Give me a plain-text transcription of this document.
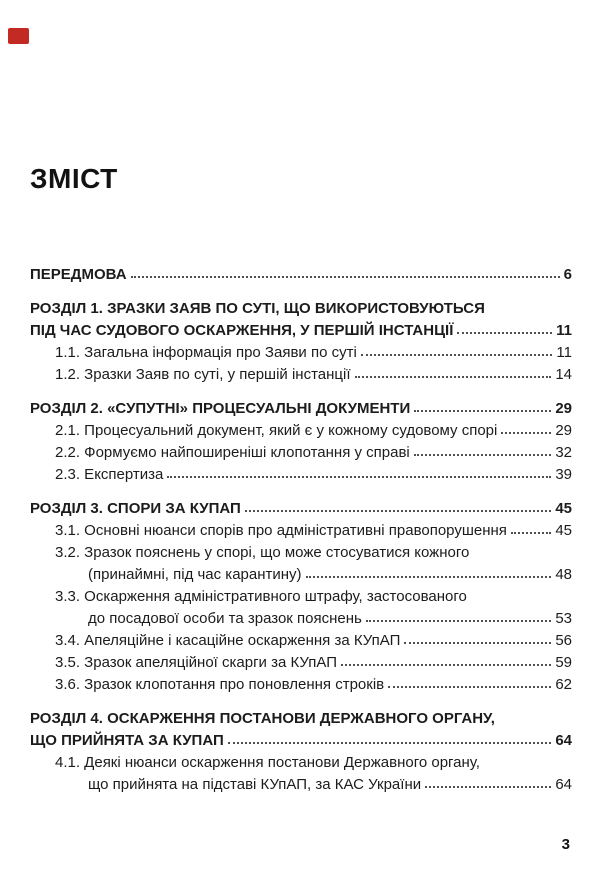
ЗМІСТ
ПЕРЕДМОВА	6
РОЗДІЛ 1. ЗРАЗКИ ЗАЯВ ПО СУТІ, ЩО ВИКОРИСТОВУЮТЬСЯ
ПІД ЧАС СУДОВОГО ОСКАРЖЕННЯ, У ПЕРШІЙ ІНСТАНЦІЇ	11
1.1. Загальна інформація про Заяви по суті	11
1.2. Зразки Заяв по суті, у першій інстанції	14
РОЗДІЛ 2. «СУПУТНІ» ПРОЦЕСУАЛЬНІ ДОКУМЕНТИ	29
2.1. Процесуальний документ, який є у кожному судовому спорі	29
2.2. Формуємо найпоширеніші клопотання у справі	32
2.3. Експертиза	39
РОЗДІЛ 3. СПОРИ ЗА КУПАП	45
3.1. Основні нюанси спорів про адміністративні правопорушення	45
3.2. Зразок пояснень у спорі, що може стосуватися кожного
(принаймні, під час карантину)	48
3.3. Оскарження адміністративного штрафу, застосованого
до посадової особи та зразок пояснень	53
3.4. Апеляційне і касаційне оскарження за КУпАП	56
3.5. Зразок апеляційної скарги за КУпАП	59
3.6. Зразок клопотання про поновлення строків	62
РОЗДІЛ 4. ОСКАРЖЕННЯ ПОСТАНОВИ ДЕРЖАВНОГО ОРГАНУ,
ЩО ПРИЙНЯТА ЗА КУПАП	64
4.1. Деякі нюанси оскарження постанови Державного органу,
що прийнята на підставі КУпАП, за КАС України	64
3
